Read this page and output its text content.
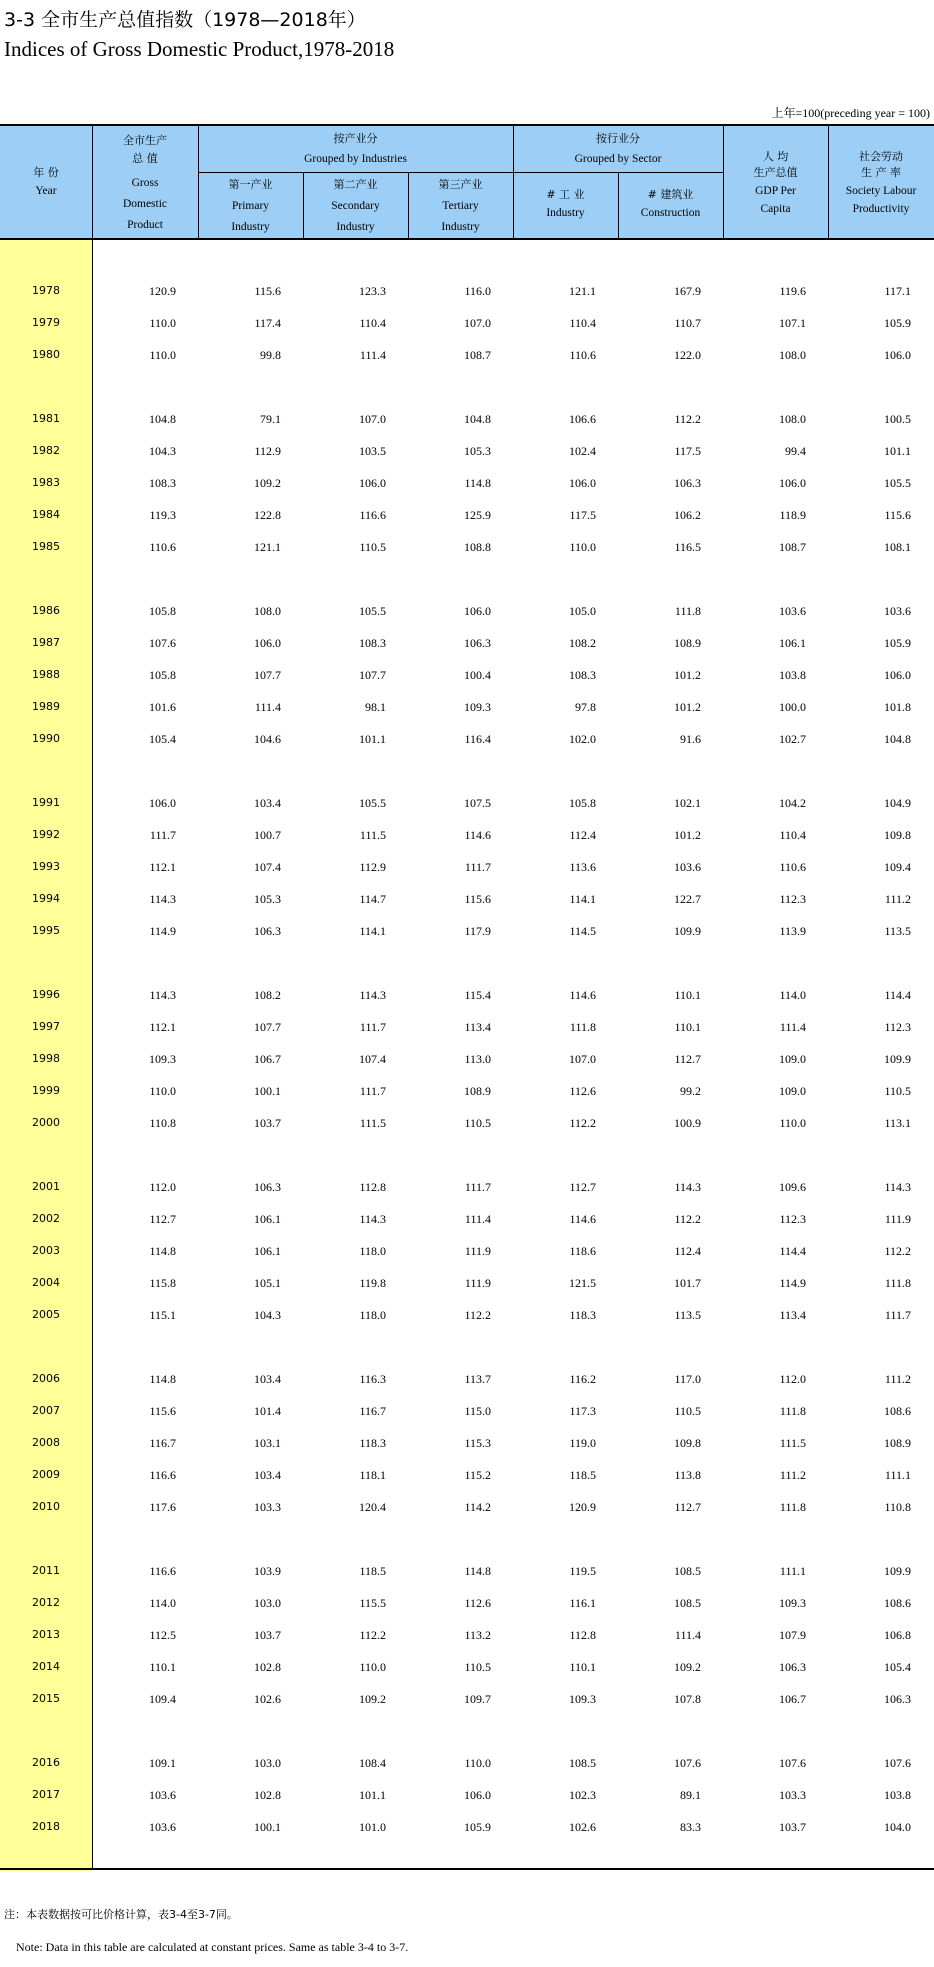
3-3 全市生产总值指数（1978—2018年）
Indices of Gross Domestic Product,1978-2018
上年=100(preceding year = 100)
年 份
Year
全市生产
总 值
Gross
Domestic
Product
按产业分
Grouped by Industries
第一产业
Primary
Industry
第二产业
Secondary
Industry
第三产业
Tertiary
Industry
按行业分
Grouped by Sector
# 工 业
Industry
# 建筑业
Construction
人 均
生产总值
GDP Per
Capita
社会劳动
生 产 率
Society Labour
Productivity
1978	120.9	115.6	123.3	116.0	121.1	167.9	119.6	117.1
1979	110.0	117.4	110.4	107.0	110.4	110.7	107.1	105.9
1980	110.0	99.8	111.4	108.7	110.6	122.0	108.0	106.0
1981	104.8	79.1	107.0	104.8	106.6	112.2	108.0	100.5
1982	104.3	112.9	103.5	105.3	102.4	117.5	99.4	101.1
1983	108.3	109.2	106.0	114.8	106.0	106.3	106.0	105.5
1984	119.3	122.8	116.6	125.9	117.5	106.2	118.9	115.6
1985	110.6	121.1	110.5	108.8	110.0	116.5	108.7	108.1
1986	105.8	108.0	105.5	106.0	105.0	111.8	103.6	103.6
1987	107.6	106.0	108.3	106.3	108.2	108.9	106.1	105.9
1988	105.8	107.7	107.7	100.4	108.3	101.2	103.8	106.0
1989	101.6	111.4	98.1	109.3	97.8	101.2	100.0	101.8
1990	105.4	104.6	101.1	116.4	102.0	91.6	102.7	104.8
1991	106.0	103.4	105.5	107.5	105.8	102.1	104.2	104.9
1992	111.7	100.7	111.5	114.6	112.4	101.2	110.4	109.8
1993	112.1	107.4	112.9	111.7	113.6	103.6	110.6	109.4
1994	114.3	105.3	114.7	115.6	114.1	122.7	112.3	111.2
1995	114.9	106.3	114.1	117.9	114.5	109.9	113.9	113.5
1996	114.3	108.2	114.3	115.4	114.6	110.1	114.0	114.4
1997	112.1	107.7	111.7	113.4	111.8	110.1	111.4	112.3
1998	109.3	106.7	107.4	113.0	107.0	112.7	109.0	109.9
1999	110.0	100.1	111.7	108.9	112.6	99.2	109.0	110.5
2000	110.8	103.7	111.5	110.5	112.2	100.9	110.0	113.1
2001	112.0	106.3	112.8	111.7	112.7	114.3	109.6	114.3
2002	112.7	106.1	114.3	111.4	114.6	112.2	112.3	111.9
2003	114.8	106.1	118.0	111.9	118.6	112.4	114.4	112.2
2004	115.8	105.1	119.8	111.9	121.5	101.7	114.9	111.8
2005	115.1	104.3	118.0	112.2	118.3	113.5	113.4	111.7
2006	114.8	103.4	116.3	113.7	116.2	117.0	112.0	111.2
2007	115.6	101.4	116.7	115.0	117.3	110.5	111.8	108.6
2008	116.7	103.1	118.3	115.3	119.0	109.8	111.5	108.9
2009	116.6	103.4	118.1	115.2	118.5	113.8	111.2	111.1
2010	117.6	103.3	120.4	114.2	120.9	112.7	111.8	110.8
2011	116.6	103.9	118.5	114.8	119.5	108.5	111.1	109.9
2012	114.0	103.0	115.5	112.6	116.1	108.5	109.3	108.6
2013	112.5	103.7	112.2	113.2	112.8	111.4	107.9	106.8
2014	110.1	102.8	110.0	110.5	110.1	109.2	106.3	105.4
2015	109.4	102.6	109.2	109.7	109.3	107.8	106.7	106.3
2016	109.1	103.0	108.4	110.0	108.5	107.6	107.6	107.6
2017	103.6	102.8	101.1	106.0	102.3	89.1	103.3	103.8
2018	103.6	100.1	101.0	105.9	102.6	83.3	103.7	104.0
注：本表数据按可比价格计算，表3-4至3-7同。
Note: Data in this table are calculated at constant prices. Same as table 3-4 to 3-7.
